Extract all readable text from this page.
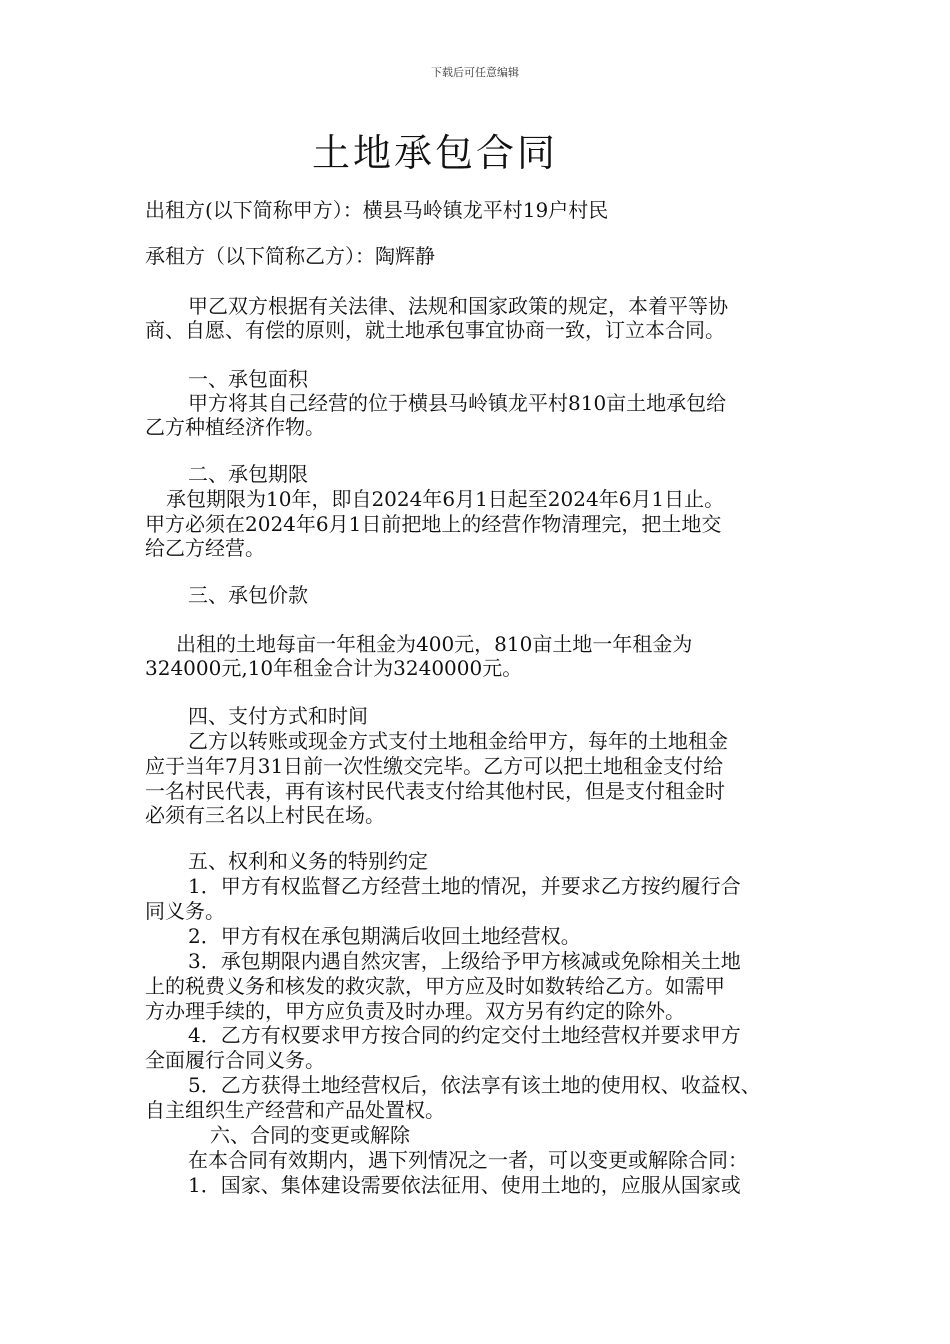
下载后可任意编辑
土地承包合同
出租方(以下简称甲方）：横县马岭镇龙平村19户村民
承租方（以下简称乙方）：陶辉静
甲乙双方根据有关法律、法规和国家政策的规定，本着平等协
商、自愿、有偿的原则，就土地承包事宜协商一致，订立本合同。
一、承包面积
甲方将其自己经营的位于横县马岭镇龙平村810亩土地承包给
乙方种植经济作物。
二、承包期限
承包期限为10年，即自2024年6月1日起至2024年6月1日止。
甲方必须在2024年6月1日前把地上的经营作物清理完，把土地交
给乙方经营。
三、承包价款
出租的土地每亩一年租金为400元，810亩土地一年租金为
324000元,10年租金合计为3240000元。
四、支付方式和时间
乙方以转账或现金方式支付土地租金给甲方，每年的土地租金
应于当年7月31日前一次性缴交完毕。乙方可以把土地租金支付给
一名村民代表，再有该村民代表支付给其他村民，但是支付租金时
必须有三名以上村民在场。
五、权利和义务的特别约定
1．甲方有权监督乙方经营土地的情况，并要求乙方按约履行合
同义务。
2．甲方有权在承包期满后收回土地经营权。
3．承包期限内遇自然灾害，上级给予甲方核减或免除相关土地
上的税费义务和核发的救灾款，甲方应及时如数转给乙方。如需甲
方办理手续的，甲方应负责及时办理。双方另有约定的除外。
4．乙方有权要求甲方按合同的约定交付土地经营权并要求甲方
全面履行合同义务。
5．乙方获得土地经营权后，依法享有该土地的使用权、收益权、
自主组织生产经营和产品处置权。
六、合同的变更或解除
在本合同有效期内，遇下列情况之一者，可以变更或解除合同：
1．国家、集体建设需要依法征用、使用土地的，应服从国家或
